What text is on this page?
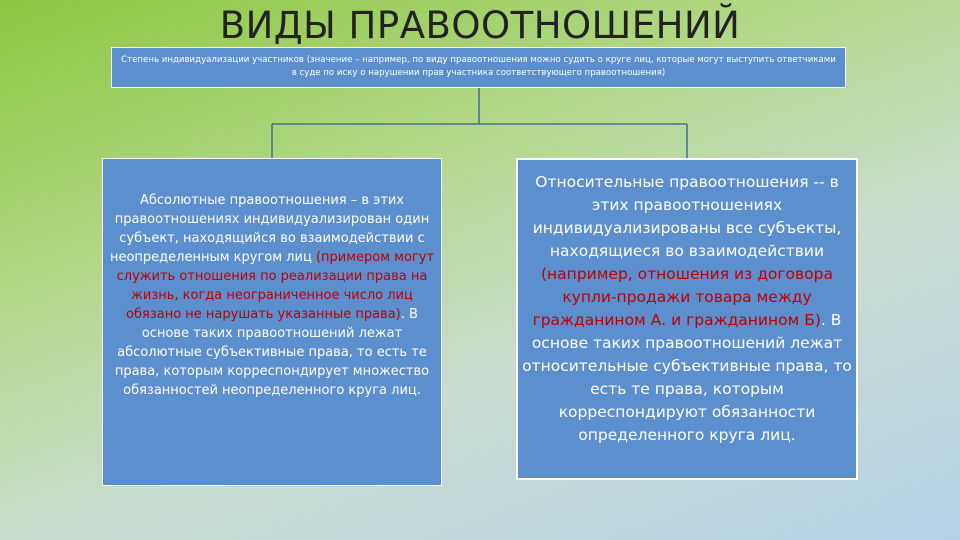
ВИДЫ ПРАВООТНОШЕНИЙ
Степень индивидуализации участников (значение – например, по виду правоотношения можно судить о круге лиц, которые могут выступить ответчиками в суде по иску о нарушении прав участника соответствующего правоотношения)
Абсолютные правоотношения – в этих правоотношениях индивидуализирован один субъект, находящийся во взаимодействии с неопределенным кругом лиц (примером могут служить отношения по реализации права на жизнь, когда неограниченное число лиц обязано не нарушать указанные права). В основе таких правоотношений лежат абсолютные субъективные права, то есть те права, которым корреспондирует множество обязанностей неопределенного круга лиц.
Относительные правоотношения -- в этих правоотношениях индивидуализированы все субъекты, находящиеся во взаимодействии (например, отношения из договора купли-продажи товара между гражданином А. и гражданином Б). В основе таких правоотношений лежат относительные субъективные права, то есть те права, которым корреспондируют обязанности определенного круга лиц.
